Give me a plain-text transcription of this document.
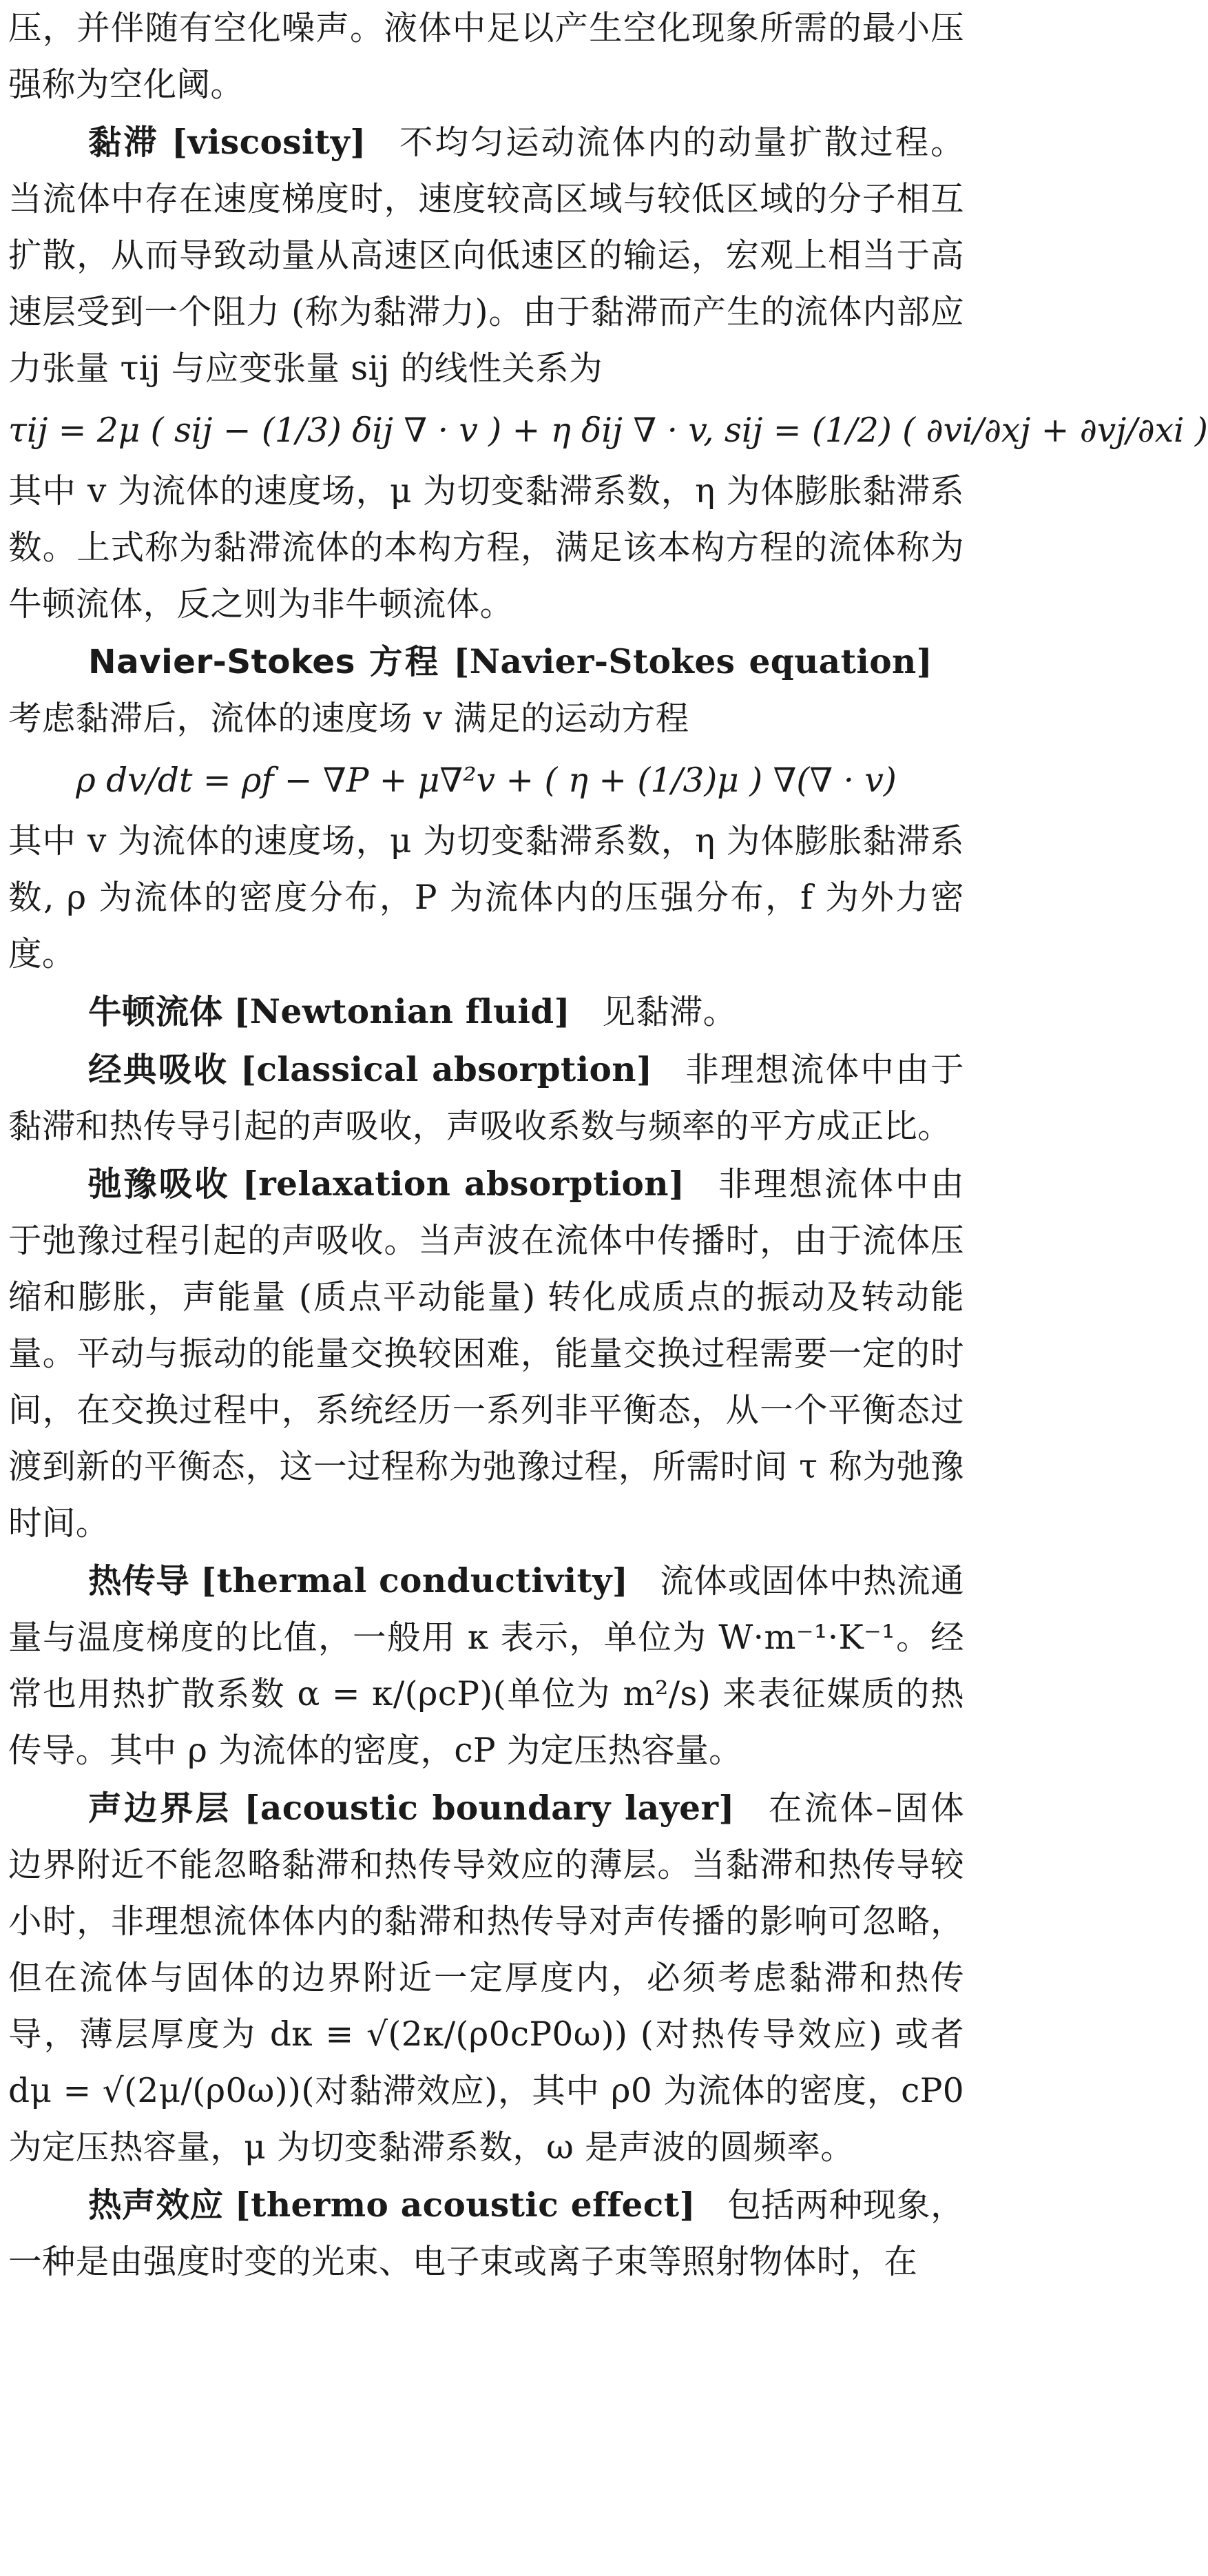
压，并伴随有空化噪声。液体中足以产生空化现象所需的最小压强称为空化阈。

黏滞 [viscosity] 不均匀运动流体内的动量扩散过程。当流体中存在速度梯度时，速度较高区域与较低区域的分子相互扩散，从而导致动量从高速区向低速区的输运，宏观上相当于高速层受到一个阻力 (称为黏滞力)。由于黏滞而产生的流体内部应力张量 τij 与应变张量 sij 的线性关系为

τij = 2μ ( sij − (1/3) δij ∇ · v ) + η δij ∇ · v, sij = (1/2) ( ∂vi/∂xj + ∂vj/∂xi )

其中 v 为流体的速度场，μ 为切变黏滞系数，η 为体膨胀黏滞系数。上式称为黏滞流体的本构方程，满足该本构方程的流体称为牛顿流体，反之则为非牛顿流体。

Navier-Stokes 方程 [Navier-Stokes equation]考虑黏滞后，流体的速度场 v 满足的运动方程

ρ dv/dt = ρf − ∇P + μ∇²v + ( η + (1/3)μ ) ∇(∇ · v)

其中 v 为流体的速度场，μ 为切变黏滞系数，η 为体膨胀黏滞系数, ρ 为流体的密度分布，P 为流体内的压强分布，f 为外力密度。

牛顿流体 [Newtonian fluid] 见黏滞。

经典吸收 [classical absorption] 非理想流体中由于黏滞和热传导引起的声吸收，声吸收系数与频率的平方成正比。

弛豫吸收 [relaxation absorption] 非理想流体中由于弛豫过程引起的声吸收。当声波在流体中传播时，由于流体压缩和膨胀，声能量 (质点平动能量) 转化成质点的振动及转动能量。平动与振动的能量交换较困难，能量交换过程需要一定的时间，在交换过程中，系统经历一系列非平衡态，从一个平衡态过渡到新的平衡态，这一过程称为弛豫过程，所需时间 τ 称为弛豫时间。

热传导 [thermal conductivity] 流体或固体中热流通量与温度梯度的比值，一般用 κ 表示，单位为 W·m⁻¹·K⁻¹。经常也用热扩散系数 α = κ/(ρcP)(单位为 m²/s) 来表征媒质的热传导。其中 ρ 为流体的密度，cP 为定压热容量。

声边界层 [acoustic boundary layer] 在流体–固体边界附近不能忽略黏滞和热传导效应的薄层。当黏滞和热传导较小时，非理想流体体内的黏滞和热传导对声传播的影响可忽略，但在流体与固体的边界附近一定厚度内，必须考虑黏滞和热传导，薄层厚度为 dκ ≡ √(2κ/(ρ0cP0ω)) (对热传导效应) 或者 dμ = √(2μ/(ρ0ω))(对黏滞效应)，其中 ρ0 为流体的密度，cP0 为定压热容量，μ 为切变黏滞系数，ω 是声波的圆频率。

热声效应 [thermo acoustic effect] 包括两种现象，一种是由强度时变的光束、电子束或离子束等照射物体时，在
